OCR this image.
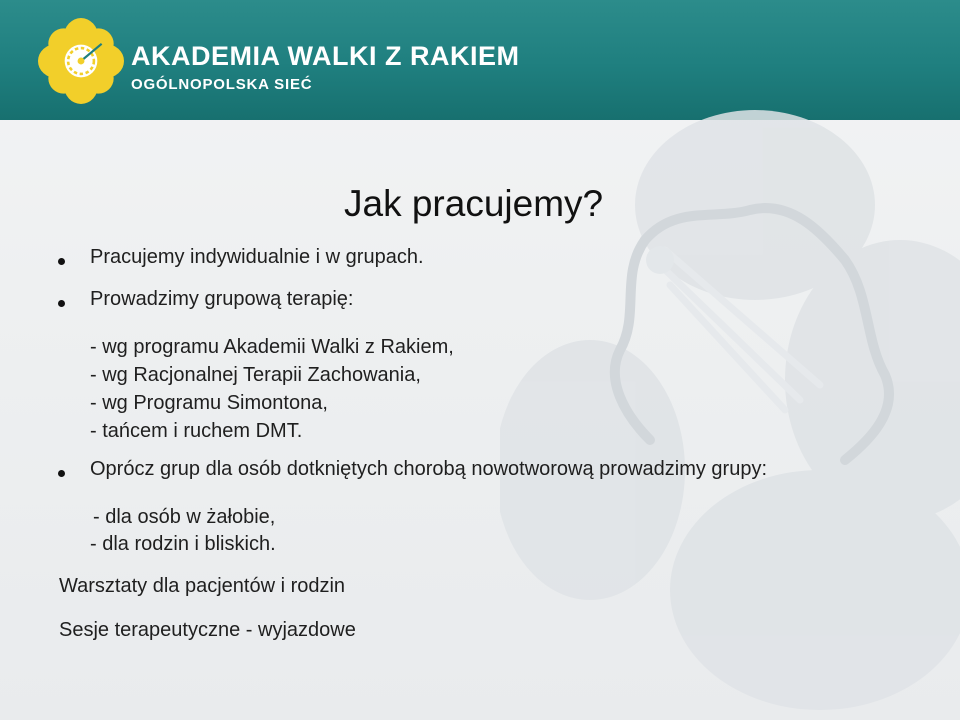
AKADEMIA WALKI Z RAKIEM
OGÓLNOPOLSKA SIEĆ
Jak pracujemy?
Pracujemy indywidualnie i w grupach.
Prowadzimy grupową terapię:
- wg programu Akademii Walki z Rakiem,
- wg Racjonalnej Terapii Zachowania,
- wg Programu Simontona,
- tańcem i ruchem DMT.
Oprócz grup dla osób dotkniętych chorobą nowotworową prowadzimy grupy:
- dla osób w żałobie,
- dla rodzin i bliskich.
Warsztaty dla pacjentów i rodzin
Sesje terapeutyczne - wyjazdowe
